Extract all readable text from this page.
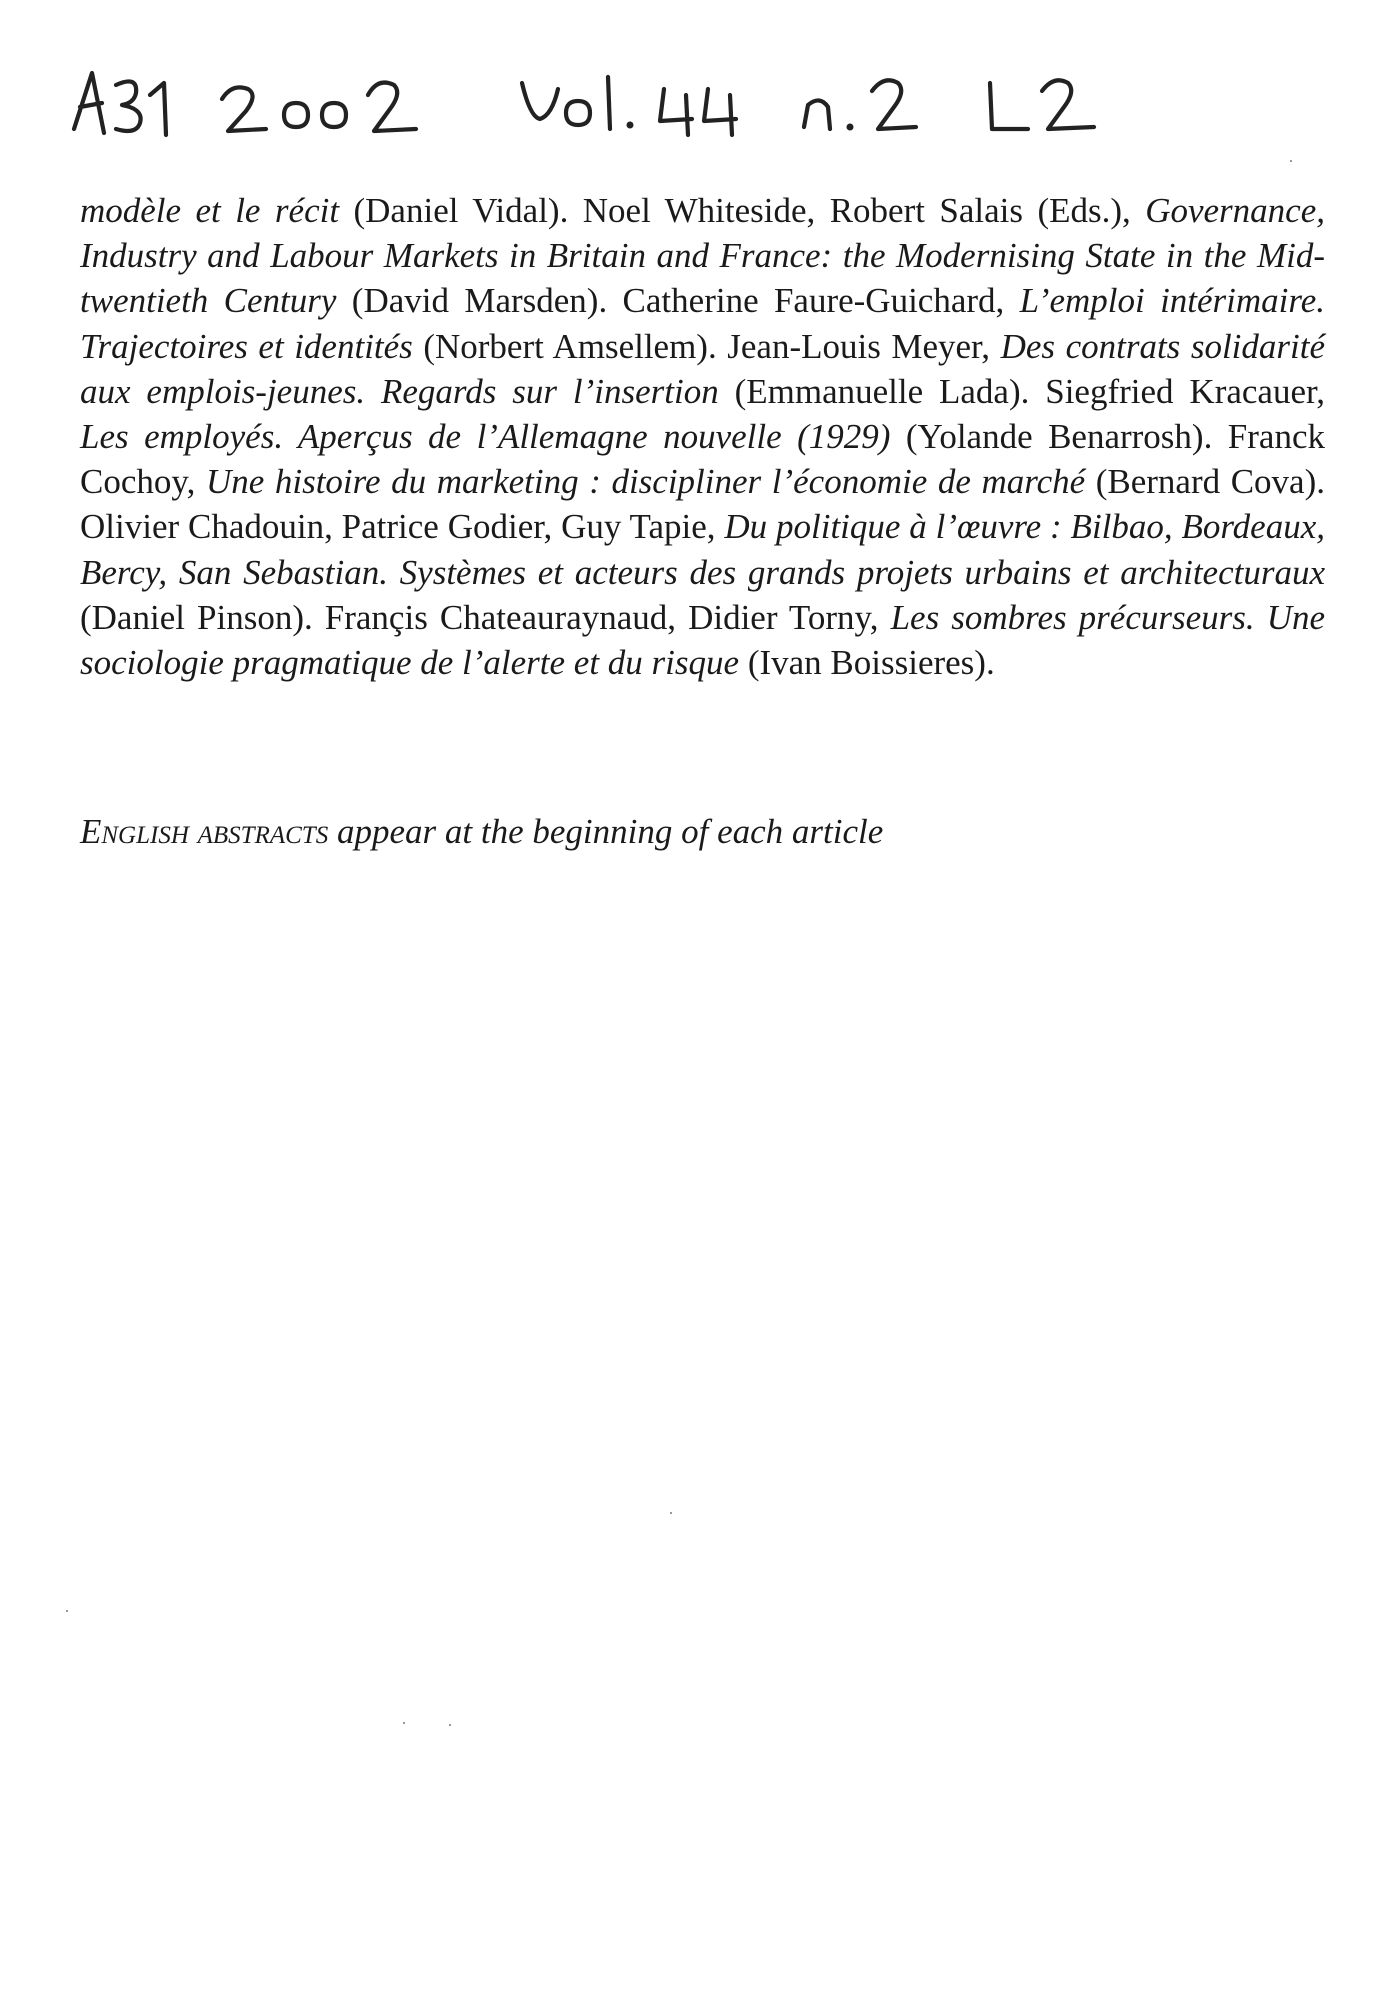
modèle et le récit (Daniel Vidal). Noel Whiteside, Robert Salais (Eds.), Governance, Industry and Labour Markets in Britain and France: the Modernising State in the Mid-twentieth Century (David Marsden). Catherine Faure-Guichard, L’emploi intérimaire. Trajectoires et identités (Norbert Amsellem). Jean-Louis Meyer, Des contrats solidarité aux emplois-jeunes. Regards sur l’insertion (Emmanuelle Lada). Siegfried Kracauer, Les employés. Aperçus de l’Allemagne nouvelle (1929) (Yolande Benarrosh). Franck Cochoy, Une histoire du marketing : discipliner l’économie de marché (Bernard Cova). Olivier Chadouin, Patrice Godier, Guy Tapie, Du politique à l’œuvre : Bilbao, Bordeaux, Bercy, San Sebastian. Systèmes et acteurs des grands projets urbains et architecturaux (Daniel Pinson). Françis Chateauraynaud, Didier Torny, Les sombres précurseurs. Une sociologie pragmatique de l’alerte et du risque (Ivan Boissieres).

English abstracts appear at the beginning of each article
